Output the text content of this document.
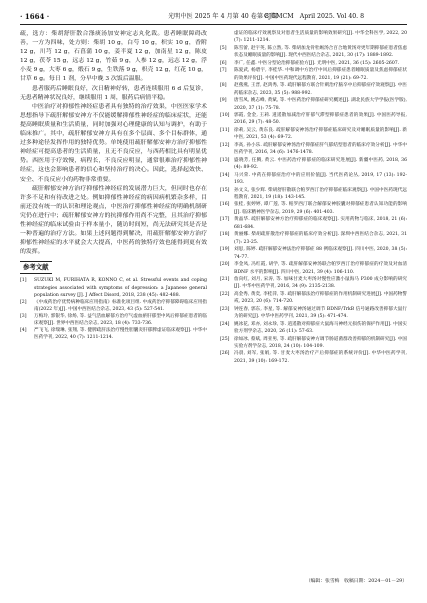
· 1664 ·	光明中医 2025 年 4 月第 40 卷第 8 期
CJGMCM　April 2025. Vol 40. 8

疏，选方：柴胡舒肝散合涤痰汤加安神定志丸化裁。患者睡眠障碍改善，一方为四味，处方则：柴胡 10 g，白芍 10 g，枳实 10 g，香附 12 g，川芎 12 g，石菖蒲 10 g，姜半夏 12 g，加南星 12 g，陈皮 12 g，茯苓 15 g，远志 12 g，竹茹 9 g，人参 12 g，远志 12 g，浮小麦 9 g，大枣 6 g，煅石 9 g，生铁落 9 g，枳壳 12 g，红花 10 g，甘草 6 g。每日 1 剂，分早中晚 3 次饭后温服。

患者服药后睡眠良好，次日精神好转，患者连续服用 6 d 后复诊，无患者精神状况良好，继续服用 1 周，服药后病情平稳。

中医治疗对抑郁性神经症患者具有独特的治疗效果，中医医家学术思想指导下疏肝解郁安神方不仅能缓解抑郁性神经症的临床症状，还能提高睡眠质量和生活质量，同时加强对心理健康的认知与调护，有助于临床推广。其中，疏肝解郁安神方具有在多个层面、多个目标群体，通过多种途径发挥作用的独特优势。单纯使用疏肝解郁安神方治疗抑郁性神经症可提高患者的生活质量，且无不良反应，与西药相比具有明显优势。西医用于疗效慢，病程长，不良反应明显，通常很难治疗抑郁性神经症，这也会影响患者的信心和坚持治疗的决心。因此，选择起效快、安全、不良反应小的药物非常重要。

疏肝解郁安神方治疗抑郁性神经症的发展潜力巨大，但同时也存在许多不足和有待改进之处。例如抑郁性神经症的病因病机繁杂多样，目前还没有统一的认识和理论观点，中医治疗抑郁性神经症的明确机制研究仍在进行中；疏肝解郁安神方的抗抑郁作用尚不完整，且其治疗抑郁性神经症的临床试验由于样本量小，随访时间短，尚无法研究其是否是一种普遍的治疗方法。如果上述问题得到解决，用疏肝解郁安神方治疗抑郁性神经症的水平就会大大提高，中医药的独特疗效也能得到更有效的发挥。

参考文献
[1]	SUZUKI M, FURIHATA R, KONNO C, et al. Stressful events and coping strategies associated with symptoms of depression: a Japanese general population survey [J]. J Affect Disord, 2018, 238 (45): 482-488.
[2]	《中成药治疗优势病种临床应用指南》标准化项目组. 中成药治疗抑郁障碍临床应用指南(2022 年)[J]. 中国中西医结合杂志, 2023, 43 (5): 527-541.
[3]	万梅玲, 郭银华, 徐炀, 等. 益气活血解郁方治疗气虚血瘀肝郁型中风后抑郁症患者的临床观察[J]. 世界中西医结合杂志, 2023, 18 (4): 733-736.
[4]	严飞飞, 徐瑞琳, 张翔, 等. 健脾疏肝法治疗慢性胆囊炎肝郁脾虚证临床观察[J]. 中华中医药学刊, 2022, 40 (7): 1211-1214.
虚证的临床疗效观察及对患者生活质量的影响效果研究[J]. 中华全科医学, 2022, 20 (7): 1211-1214.
[5]	陈雪蕾, 赵宇英, 陈立然, 等. 柴胡加龙骨牡蛎汤合百合地黄汤对更年期抑郁症患者焦虑状态及睡眠质量的影响[J]. 现代中西医结合杂志, 2021, 30 (17): 1889-1892.
[6]	李广, 任鑫. 中医分型论治抑郁症验方[J]. 光明中医, 2021, 36 (15): 2605-2607.
[7]	陈爱武, 杨碧宇, 李桂华. 中和调中方治疗中风后抑郁症患者睡眠质量及焦虑抑郁症状的效果评价[J]. 中国中医药现代远程教育, 2021, 19 (21): 69-72.
[8]	赵燕燕, 王晋, 赵鸿秀, 等. 疏肝解郁方联合针刺治疗脑卒中后抑郁症疗效观察[J]. 中医药临床杂志, 2023, 35 (5): 988-992.
[9]	唐雪凤, 姚志峰, 黄斌, 等. 中医药治疗抑郁症研究概述[J]. 湖北民族大学学报(医学版), 2020, 37 (1): 75-78.
[10] 郭霞, 金金, 王莉. 逍遥散加减治疗肝郁气滞型抑郁症患者的效果[J]. 中国医药导报, 2016, 29 (7): 48-50.
[11] 徐莉, 吴云, 黄东良. 疏肝解郁安神汤治疗抑郁症临床研究及对睡眠质量的影响[J]. 新中医, 2021, 53 (4): 69-72.
[12] 李高, 孙小乐. 疏肝解郁安神汤治疗抑郁症肝气郁结型患者的临床疗效分析[J]. 中华中医药学刊, 2016, 34 (6): 1476-1478.
[13] 盛晓芳, 任腾, 黄云. 中医药治疗抑郁症的临床研究进展[J]. 新疆中医药, 2018, 36 (4): 89-92.
[14] 马兴荣. 中药在抑郁症治疗中的应用价值[J]. 当代医药论丛, 2019, 17 (13): 192-193.
[15] 孙文义, 张少辉. 柴胡舒肝散联合帕罗西汀治疗抑郁症临床观察[J]. 中国中医药现代远程教育, 2021, 19 (18): 143-145.
[16] 张桂, 张婷婷, 谭广莲, 等. 帕罗西汀联合解郁安神胶囊对抑郁症患者认知功能的影响[J]. 临床精神医学杂志, 2019, 29 (6): 401-403.
[17] 黄晶华. 疏肝解郁安神方治疗抑郁症的临床观察[J]. 实用药物与临床, 2018, 21 (6): 681-684.
[18] 黄丽娜. 柴胡疏肝散治疗抑郁症的临床疗效分析[J]. 深圳中西医结合杂志, 2021, 31 (7): 23-25.
[19] 刘思, 陈婷. 疏肝解郁安神法治疗抑郁症 88 例临床观察[J]. 四川中医, 2020, 38 (5): 74-77.
[20] 李金凤, 冯红霞, 胡学, 等. 疏肝解郁安神汤联合帕罗西汀治疗抑郁症的疗效及对血清 BDNF 水平的影响[J]. 四川中医, 2021, 39 (4): 106-110.
[21] 詹向红, 刘月, 宋涛, 等. 加味甘麦大枣汤对慢性应激小鼠海马 P300 成分影响的研究[J]. 中华中医药学刊, 2016, 34 (9): 2135-2138.
[22] 高金秀, 黄奕, 李桂萍, 等. 疏肝解郁法治疗抑郁症的作用机制研究进展[J]. 中国药物警戒, 2023, 20 (6): 714-720.
[23] 钟连春, 郭东, 李星, 等. 解郁安神汤通过调节 BDNF/TrkB 信号通路改善抑郁大鼠行为的研究[J]. 中华中医药学刊, 2021, 39 (5): 471-474.
[24] 姚冰花, 邓亦, 刘永珍, 等. 逍遥散对抑郁症大鼠海马神经元损伤的保护作用[J]. 中国实验方剂学杂志, 2020, 26 (11): 57-63.
[25] 徐如冰, 蔡斌, 周亚男, 等. 疏肝解郁安神方调节肠道菌群改善抑郁的机制研究[J]. 中国实验方剂学杂志, 2018, 24 (10): 104-109.
[26] 冯晨, 刘军, 张娟, 等. 甘麦大枣汤治疗产后抑郁症的系统评价[J]. 中华中医药学刊, 2021, 39 (10): 169-172.
（编辑：张雪梅　收稿日期：2024－01－29）
